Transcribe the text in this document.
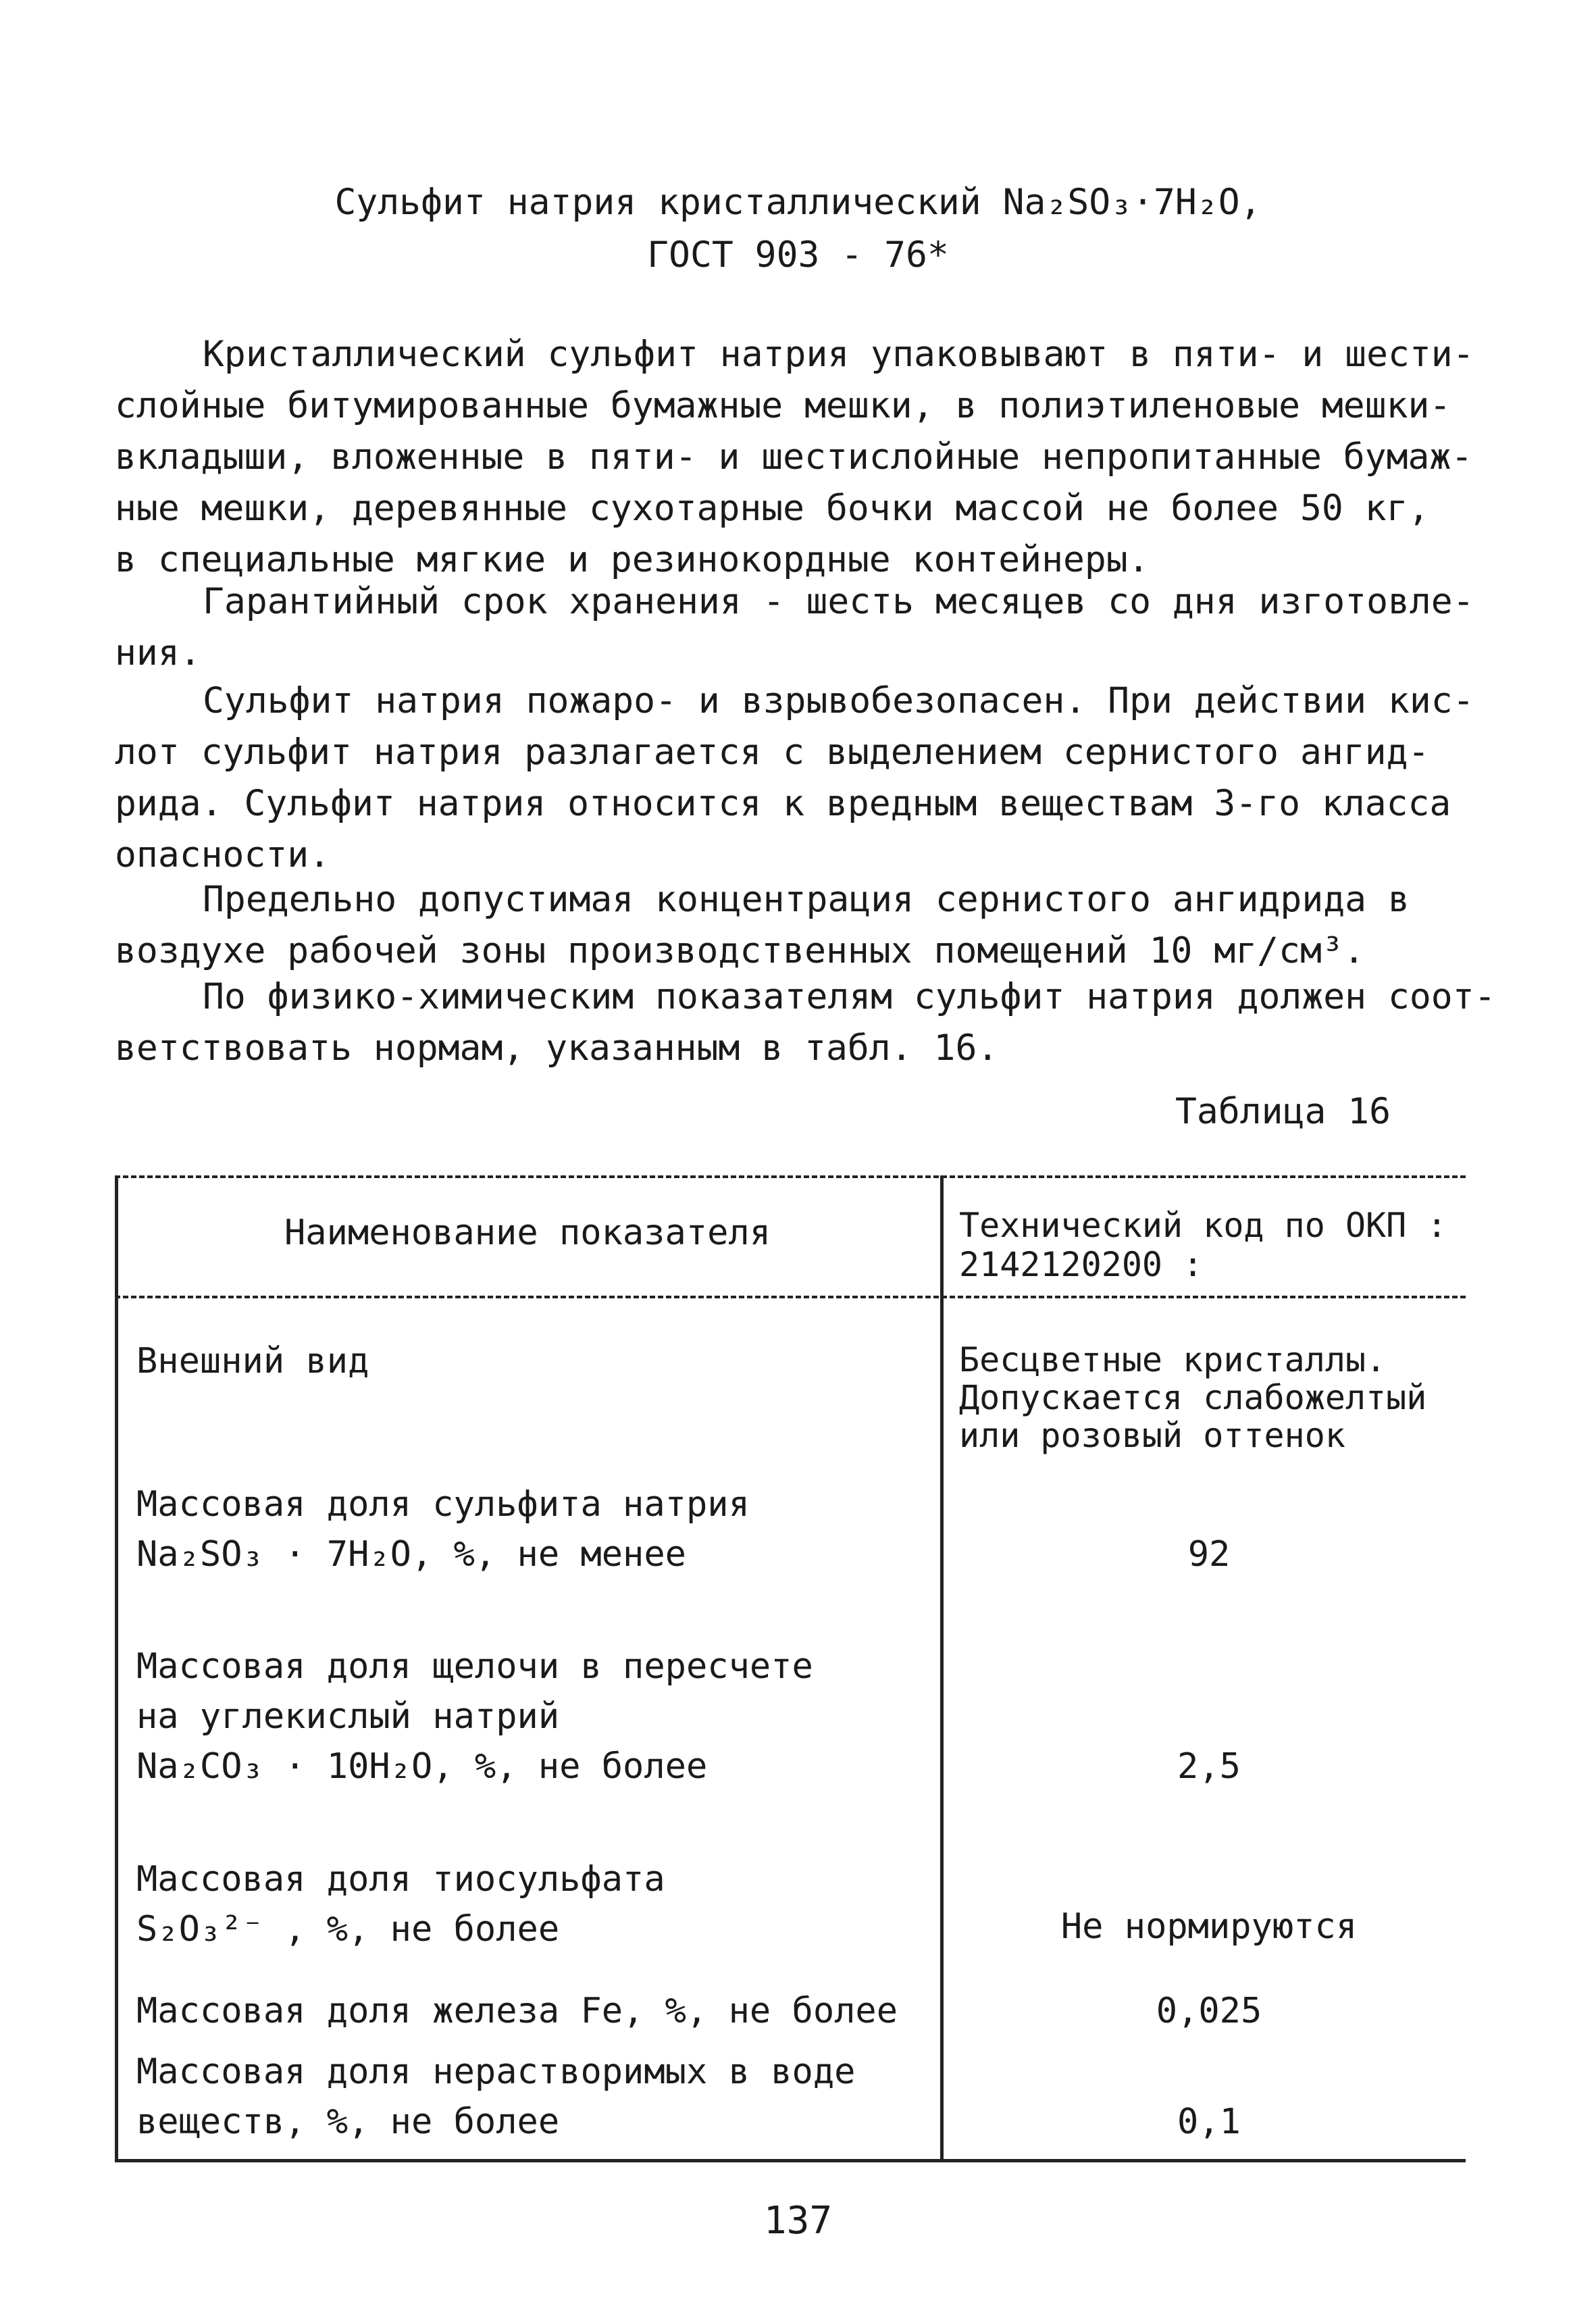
Сульфит натрия кристаллический Na₂SO₃·7H₂O,
ГОСТ 903 - 76*

Кристаллический сульфит натрия упаковывают в пяти- и шести-
слойные битумированные бумажные мешки, в полиэтиленовые мешки-
вкладыши, вложенные в пяти- и шестислойные непропитанные бумаж-
ные мешки, деревянные сухотарные бочки массой не более 50 кг,
в специальные мягкие и резинокордные контейнеры.

Гарантийный срок хранения - шесть месяцев со дня изготовле-
ния.

Сульфит натрия пожаро- и взрывобезопасен. При действии кис-
лот сульфит натрия разлагается с выделением сернистого ангид-
рида. Сульфит натрия относится к вредным веществам 3-го класса
опасности.

Предельно допустимая концентрация сернистого ангидрида в
воздухе рабочей зоны производственных помещений 10 мг/см³.

По физико-химическим показателям сульфит натрия должен соот-
ветствовать нормам, указанным в табл. 16.

Таблица 16
Наименование показателя	Технический код по ОКП :
2142120200 :
Внешний вид	Бесцветные кристаллы.
Допускается слабожелтый
или розовый оттенок
Массовая доля сульфита натрия
Na₂SO₃ · 7H₂O, %, не менее	92
Массовая доля щелочи в пересчете
на углекислый натрий
Na₂CO₃ · 10H₂O, %, не более	2,5
Массовая доля тиосульфата
S₂O₃²⁻ , %, не более	Не нормируются
Массовая доля железа Fe, %, не более	0,025
Массовая доля нерастворимых в воде
веществ, %, не более	0,1
137
